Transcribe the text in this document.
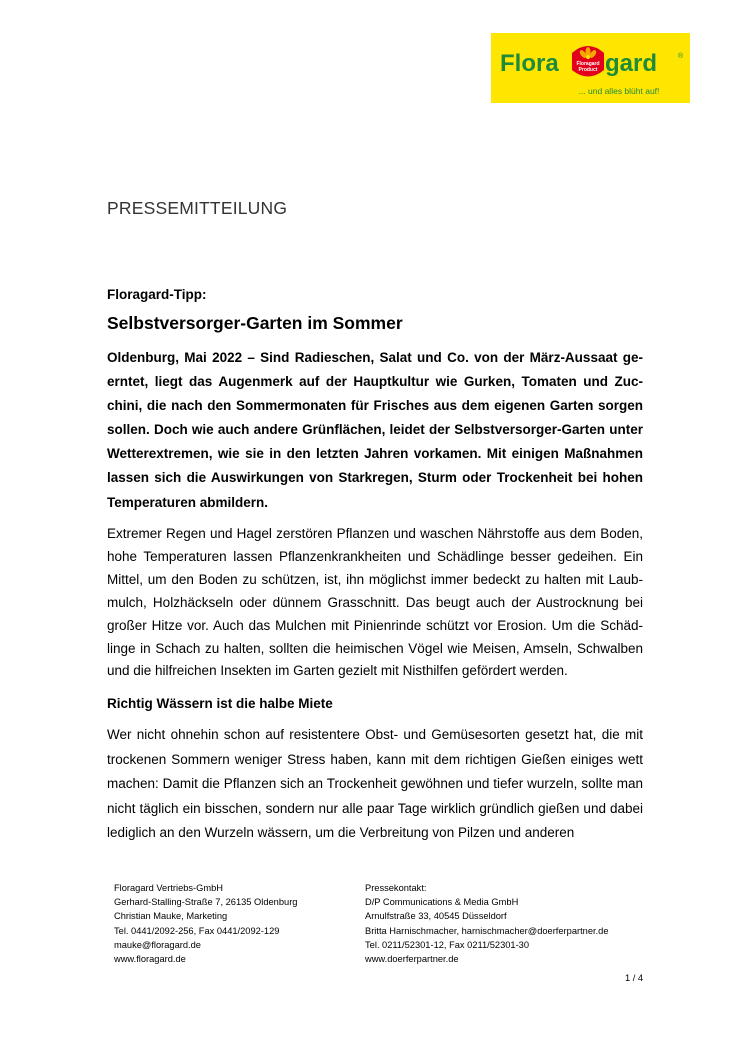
Flora	Floragard
Product gard	®
... und alles blüht auf!
PRESSEMITTEILUNG

Floragard-Tipp:

Selbstversorger-Garten im Sommer

Oldenburg, Mai 2022 – Sind Radieschen, Salat und Co. von der März-Aussaat ge-
erntet, liegt das Augenmerk auf der Hauptkultur wie Gurken, Tomaten und Zuc-
chini, die nach den Sommermonaten für Frisches aus dem eigenen Garten sorgen
sollen. Doch wie auch andere Grünflächen, leidet der Selbstversorger-Garten unter
Wetterextremen, wie sie in den letzten Jahren vorkamen. Mit einigen Maßnahmen
lassen sich die Auswirkungen von Starkregen, Sturm oder Trockenheit bei hohen
Temperaturen abmildern.

Extremer Regen und Hagel zerstören Pflanzen und waschen Nährstoffe aus dem Boden,
hohe Temperaturen lassen Pflanzenkrankheiten und Schädlinge besser gedeihen. Ein
Mittel, um den Boden zu schützen, ist, ihn möglichst immer bedeckt zu halten mit Laub-
mulch, Holzhäckseln oder dünnem Grasschnitt. Das beugt auch der Austrocknung bei
großer Hitze vor. Auch das Mulchen mit Pinienrinde schützt vor Erosion. Um die Schäd-
linge in Schach zu halten, sollten die heimischen Vögel wie Meisen, Amseln, Schwalben
und die hilfreichen Insekten im Garten gezielt mit Nisthilfen gefördert werden.

Richtig Wässern ist die halbe Miete

Wer nicht ohnehin schon auf resistentere Obst- und Gemüsesorten gesetzt hat, die mit
trockenen Sommern weniger Stress haben, kann mit dem richtigen Gießen einiges wett
machen: Damit die Pflanzen sich an Trockenheit gewöhnen und tiefer wurzeln, sollte man
nicht täglich ein bisschen, sondern nur alle paar Tage wirklich gründlich gießen und dabei
lediglich an den Wurzeln wässern, um die Verbreitung von Pilzen und anderen

Floragard Vertriebs-GmbH
Gerhard-Stalling-Straße 7, 26135 Oldenburg
Christian Mauke, Marketing
Tel. 0441/2092-256, Fax 0441/2092-129
mauke@floragard.de
www.floragard.de
Pressekontakt:
D/P Communications & Media GmbH
Arnulfstraße 33, 40545 Düsseldorf
Britta Harnischmacher, harnischmacher@doerferpartner.de
Tel. 0211/52301-12, Fax 0211/52301-30
www.doerferpartner.de
1 / 4
